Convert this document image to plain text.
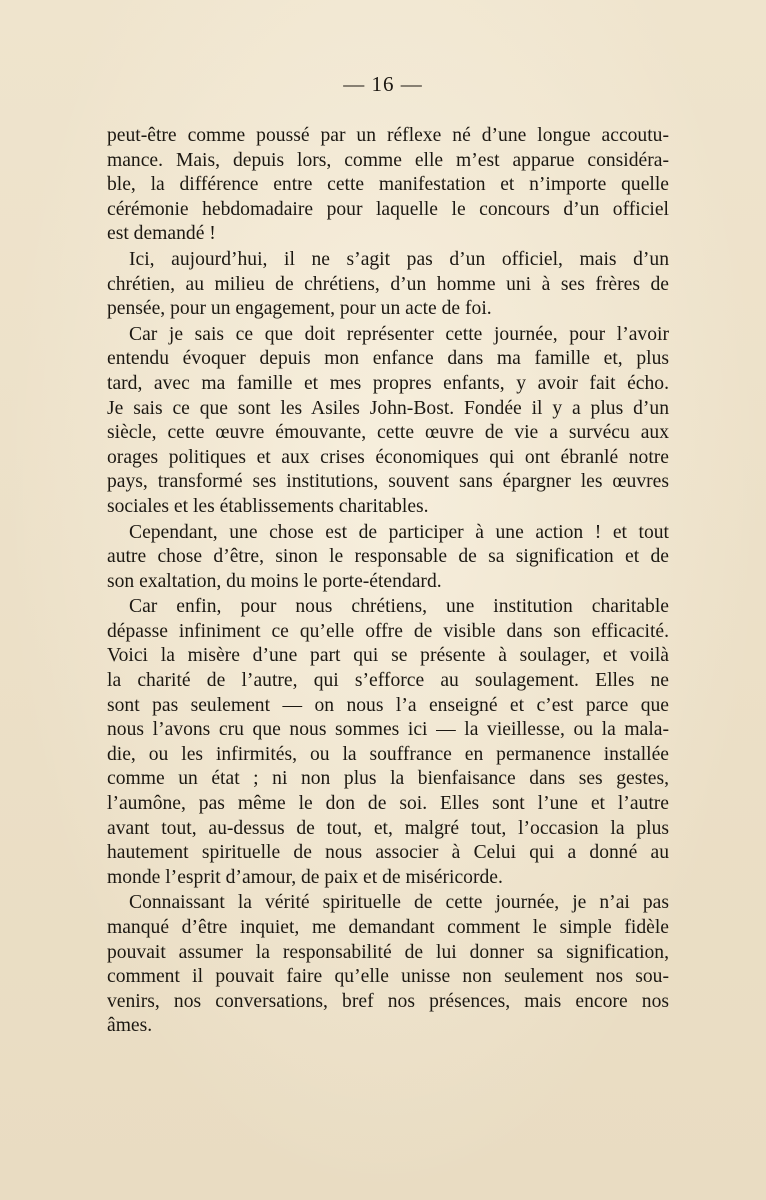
— 16 —

peut-être comme poussé par un réflexe né d’une longue accoutu-
mance. Mais, depuis lors, comme elle m’est apparue considéra-
ble, la différence entre cette manifestation et n’importe quelle
cérémonie hebdomadaire pour laquelle le concours d’un officiel
est demandé !

Ici, aujourd’hui, il ne s’agit pas d’un officiel, mais d’un
chrétien, au milieu de chrétiens, d’un homme uni à ses frères de
pensée, pour un engagement, pour un acte de foi.

Car je sais ce que doit représenter cette journée, pour l’avoir
entendu évoquer depuis mon enfance dans ma famille et, plus
tard, avec ma famille et mes propres enfants, y avoir fait écho.
Je sais ce que sont les Asiles John-Bost. Fondée il y a plus d’un
siècle, cette œuvre émouvante, cette œuvre de vie a survécu aux
orages politiques et aux crises économiques qui ont ébranlé notre
pays, transformé ses institutions, souvent sans épargner les œuvres
sociales et les établissements charitables.

Cependant, une chose est de participer à une action ! et tout
autre chose d’être, sinon le responsable de sa signification et de
son exaltation, du moins le porte-étendard.

Car enfin, pour nous chrétiens, une institution charitable
dépasse infiniment ce qu’elle offre de visible dans son efficacité.
Voici la misère d’une part qui se présente à soulager, et voilà
la charité de l’autre, qui s’efforce au soulagement. Elles ne
sont pas seulement — on nous l’a enseigné et c’est parce que
nous l’avons cru que nous sommes ici — la vieillesse, ou la mala-
die, ou les infirmités, ou la souffrance en permanence installée
comme un état ; ni non plus la bienfaisance dans ses gestes,
l’aumône, pas même le don de soi. Elles sont l’une et l’autre
avant tout, au-dessus de tout, et, malgré tout, l’occasion la plus
hautement spirituelle de nous associer à Celui qui a donné au
monde l’esprit d’amour, de paix et de miséricorde.

Connaissant la vérité spirituelle de cette journée, je n’ai pas
manqué d’être inquiet, me demandant comment le simple fidèle
pouvait assumer la responsabilité de lui donner sa signification,
comment il pouvait faire qu’elle unisse non seulement nos sou-
venirs, nos conversations, bref nos présences, mais encore nos
âmes.
